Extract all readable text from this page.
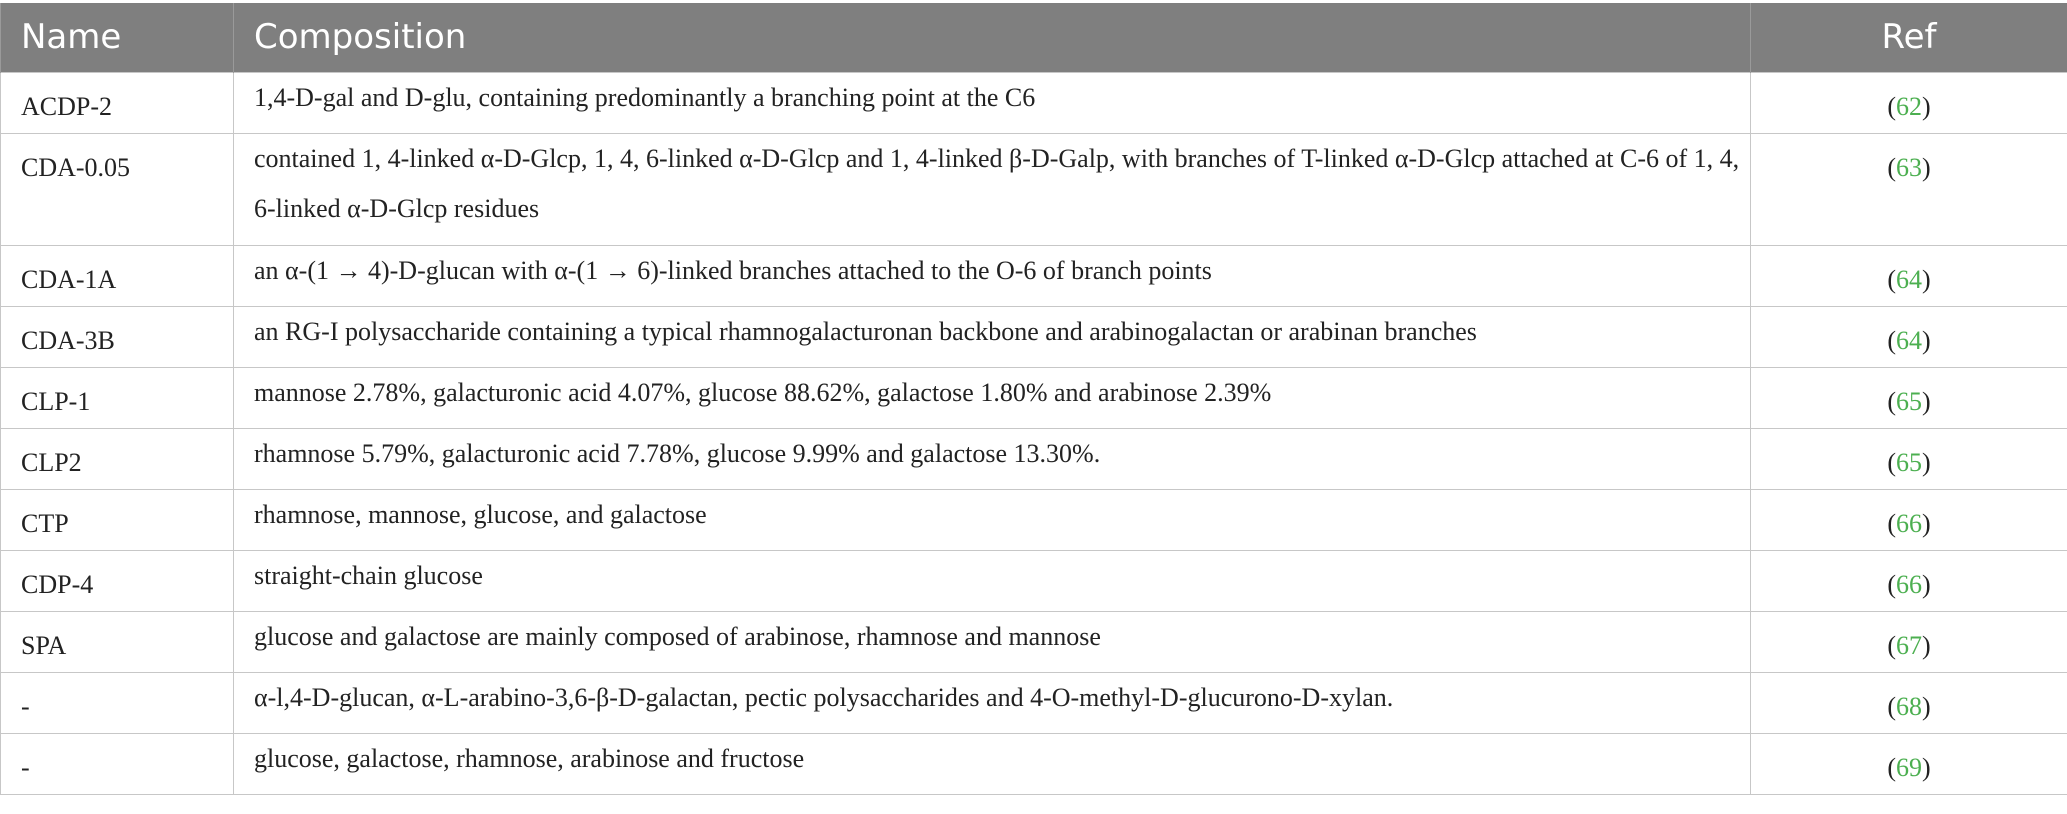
Name	Composition	Ref

ACDP-2	1,4-D-gal and D-glu, containing predominantly a branching point at the C6	(62)

CDA-0.05	contained 1, 4-linked α-D-Glcp, 1, 4, 6-linked α-D-Glcp and 1, 4-linked β-D-Galp, with branches of T-linked α-D-Glcp attached at C-6 of 1, 4, 6-linked α-D-Glcp residues	(63)

CDA-1A	an α-(1 → 4)-D-glucan with α-(1 → 6)-linked branches attached to the O-6 of branch points	(64)

CDA-3B	an RG-I polysaccharide containing a typical rhamnogalacturonan backbone and arabinogalactan or arabinan branches	(64)

CLP-1	mannose 2.78%, galacturonic acid 4.07%, glucose 88.62%, galactose 1.80% and arabinose 2.39%	(65)

CLP2	rhamnose 5.79%, galacturonic acid 7.78%, glucose 9.99% and galactose 13.30%.	(65)

CTP	rhamnose, mannose, glucose, and galactose	(66)

CDP-4	straight-chain glucose	(66)

SPA	glucose and galactose are mainly composed of arabinose, rhamnose and mannose	(67)

-	α-l,4-D-glucan, α-L-arabino-3,6-β-D-galactan, pectic polysaccharides and 4-O-methyl-D-glucurono-D-xylan.	(68)

-	glucose, galactose, rhamnose, arabinose and fructose	(69)
